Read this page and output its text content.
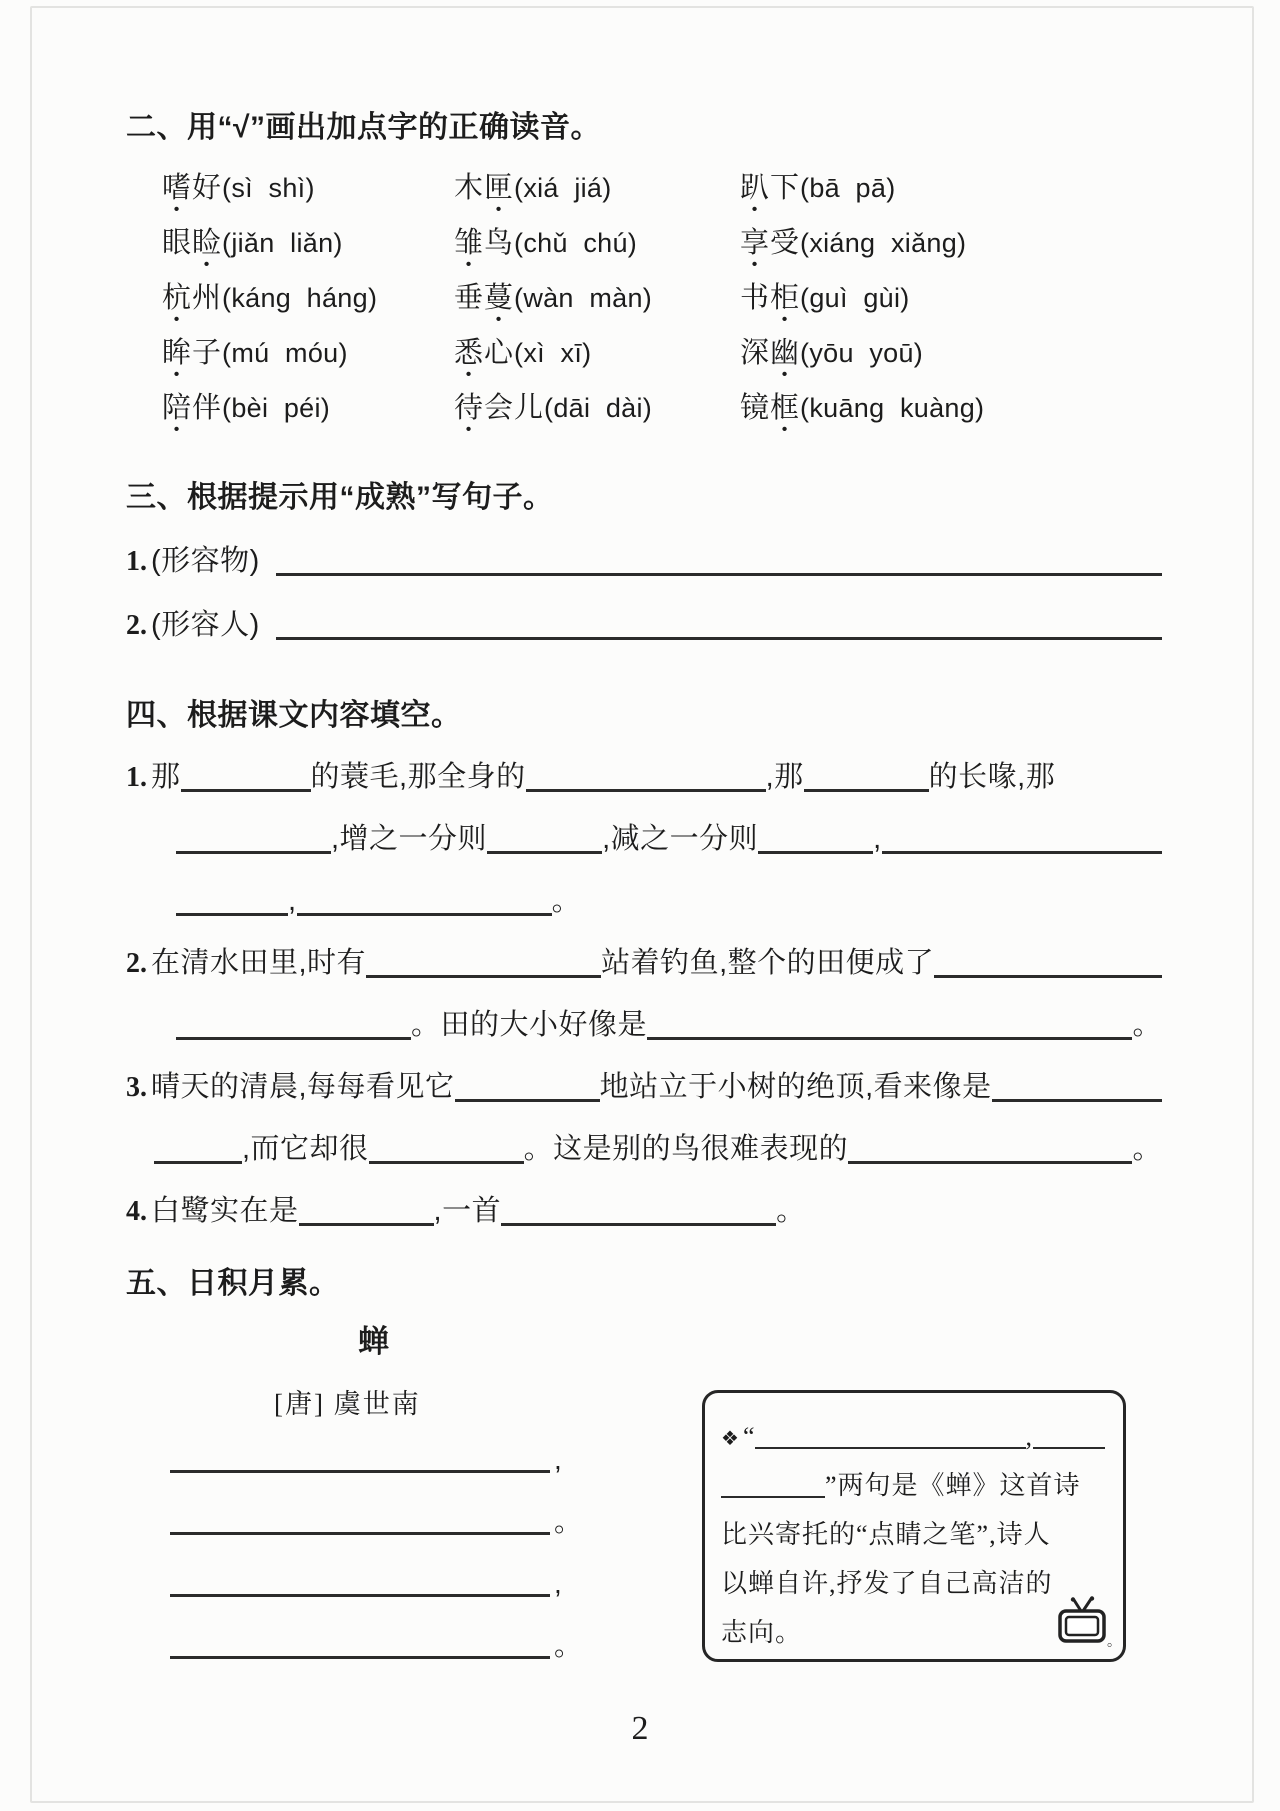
二、用“√”画出加点字的正确读音。
嗜好(sì  shì)	木匣(xiá  jiá)	趴下(bā  pā)
眼睑(jiǎn  liǎn)	雏鸟(chǔ  chú)	享受(xiáng  xiǎng)
杭州(káng  háng)	垂蔓(wàn  màn)	书柜(guì  gùi)
眸子(mú  móu)	悉心(xì  xī)	深幽(yōu  yoū)
陪伴(bèi  péi)	待会儿(dāi  dài)	镜框(kuāng  kuàng)
三、根据提示用“成熟”写句子。
1. (形容物)
2. (形容人)
四、根据课文内容填空。
1. 那	的蓑毛,那全身的	,那	的长喙,那
,增之一分则	,减之一分则	,
,	。
2. 在清水田里,时有	站着钓鱼,整个的田便成了
。田的大小好像是	。
3. 晴天的清晨,每每看见它	地站立于小树的绝顶,看来像是
,而它却很	。这是别的鸟很难表现的	。
4. 白鹭实在是	,一首	。
五、日积月累。
蝉
[唐] 虞世南
,
。
,
。
❖ “	,
” 两句是《蝉》这首诗
比兴寄托的“点睛之笔”,诗人
以蝉自许,抒发了自己高洁的
志向。	。
2
